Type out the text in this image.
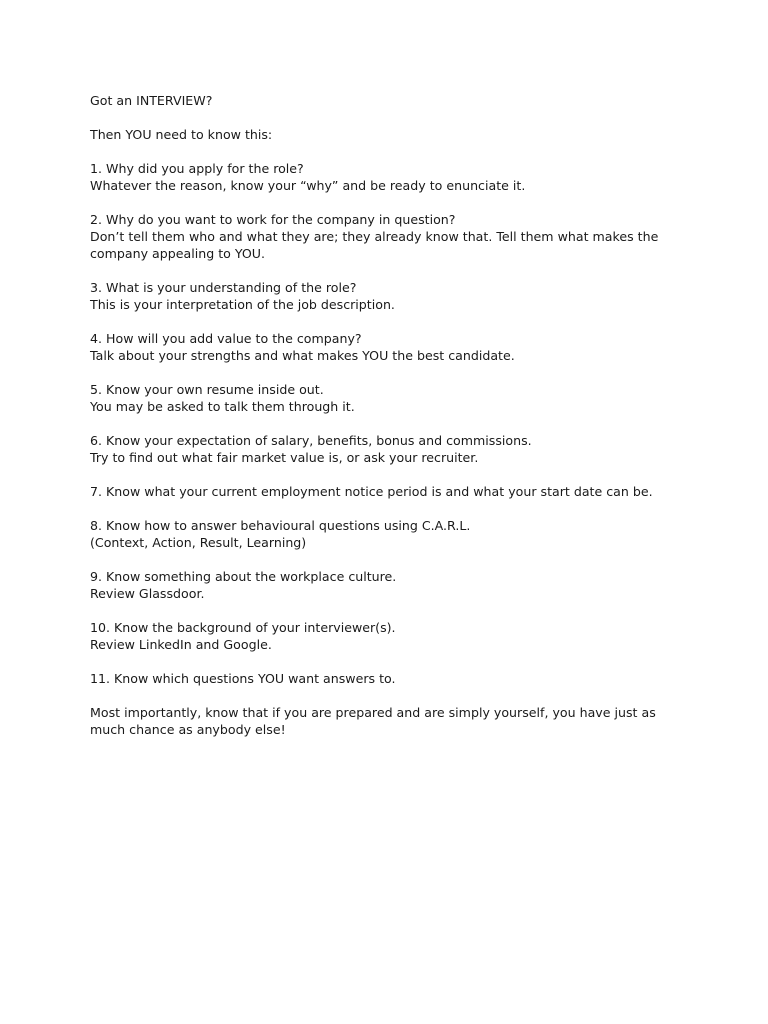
Got an INTERVIEW?

Then YOU need to know this:

1. Why did you apply for the role?
Whatever the reason, know your “why” and be ready to enunciate it.
2. Why do you want to work for the company in question?
Don’t tell them who and what they are; they already know that. Tell them what makes the company appealing to YOU.
3. What is your understanding of the role?
This is your interpretation of the job description.
4. How will you add value to the company?
Talk about your strengths and what makes YOU the best candidate.
5. Know your own resume inside out.
You may be asked to talk them through it.
6. Know your expectation of salary, benefits, bonus and commissions.
Try to find out what fair market value is, or ask your recruiter.
7. Know what your current employment notice period is and what your start date can be.
8. Know how to answer behavioural questions using C.A.R.L.
(Context, Action, Result, Learning)
9. Know something about the workplace culture.
Review Glassdoor.
10. Know the background of your interviewer(s).
Review LinkedIn and Google.
11. Know which questions YOU want answers to.

Most importantly, know that if you are prepared and are simply yourself, you have just as much chance as anybody else!
